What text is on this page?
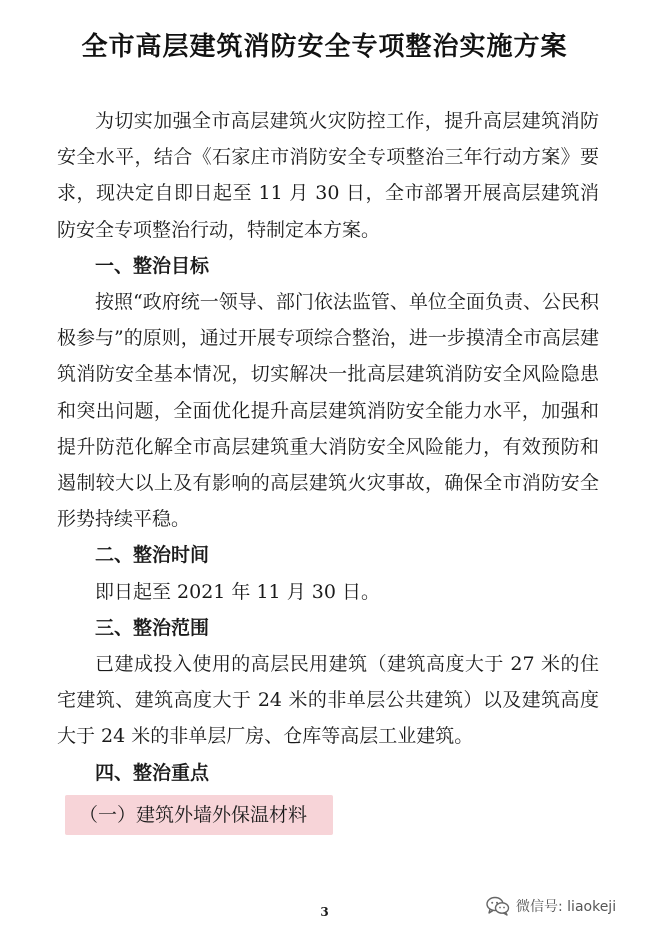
全市高层建筑消防安全专项整治实施方案

为切实加强全市高层建筑火灾防控工作，提升高层建筑消防安全水平，结合《石家庄市消防安全专项整治三年行动方案》要求，现决定自即日起至 11 月 30 日，全市部署开展高层建筑消防安全专项整治行动，特制定本方案。

一、整治目标

按照“政府统一领导、部门依法监管、单位全面负责、公民积极参与”的原则，通过开展专项综合整治，进一步摸清全市高层建筑消防安全基本情况，切实解决一批高层建筑消防安全风险隐患和突出问题，全面优化提升高层建筑消防安全能力水平，加强和提升防范化解全市高层建筑重大消防安全风险能力，有效预防和遏制较大以上及有影响的高层建筑火灾事故，确保全市消防安全形势持续平稳。

二、整治时间

即日起至 2021 年 11 月 30 日。

三、整治范围

已建成投入使用的高层民用建筑（建筑高度大于 27 米的住宅建筑、建筑高度大于 24 米的非单层公共建筑）以及建筑高度大于 24 米的非单层厂房、仓库等高层工业建筑。

四、整治重点

（一）建筑外墙外保温材料
3	微信号: liaokeji
